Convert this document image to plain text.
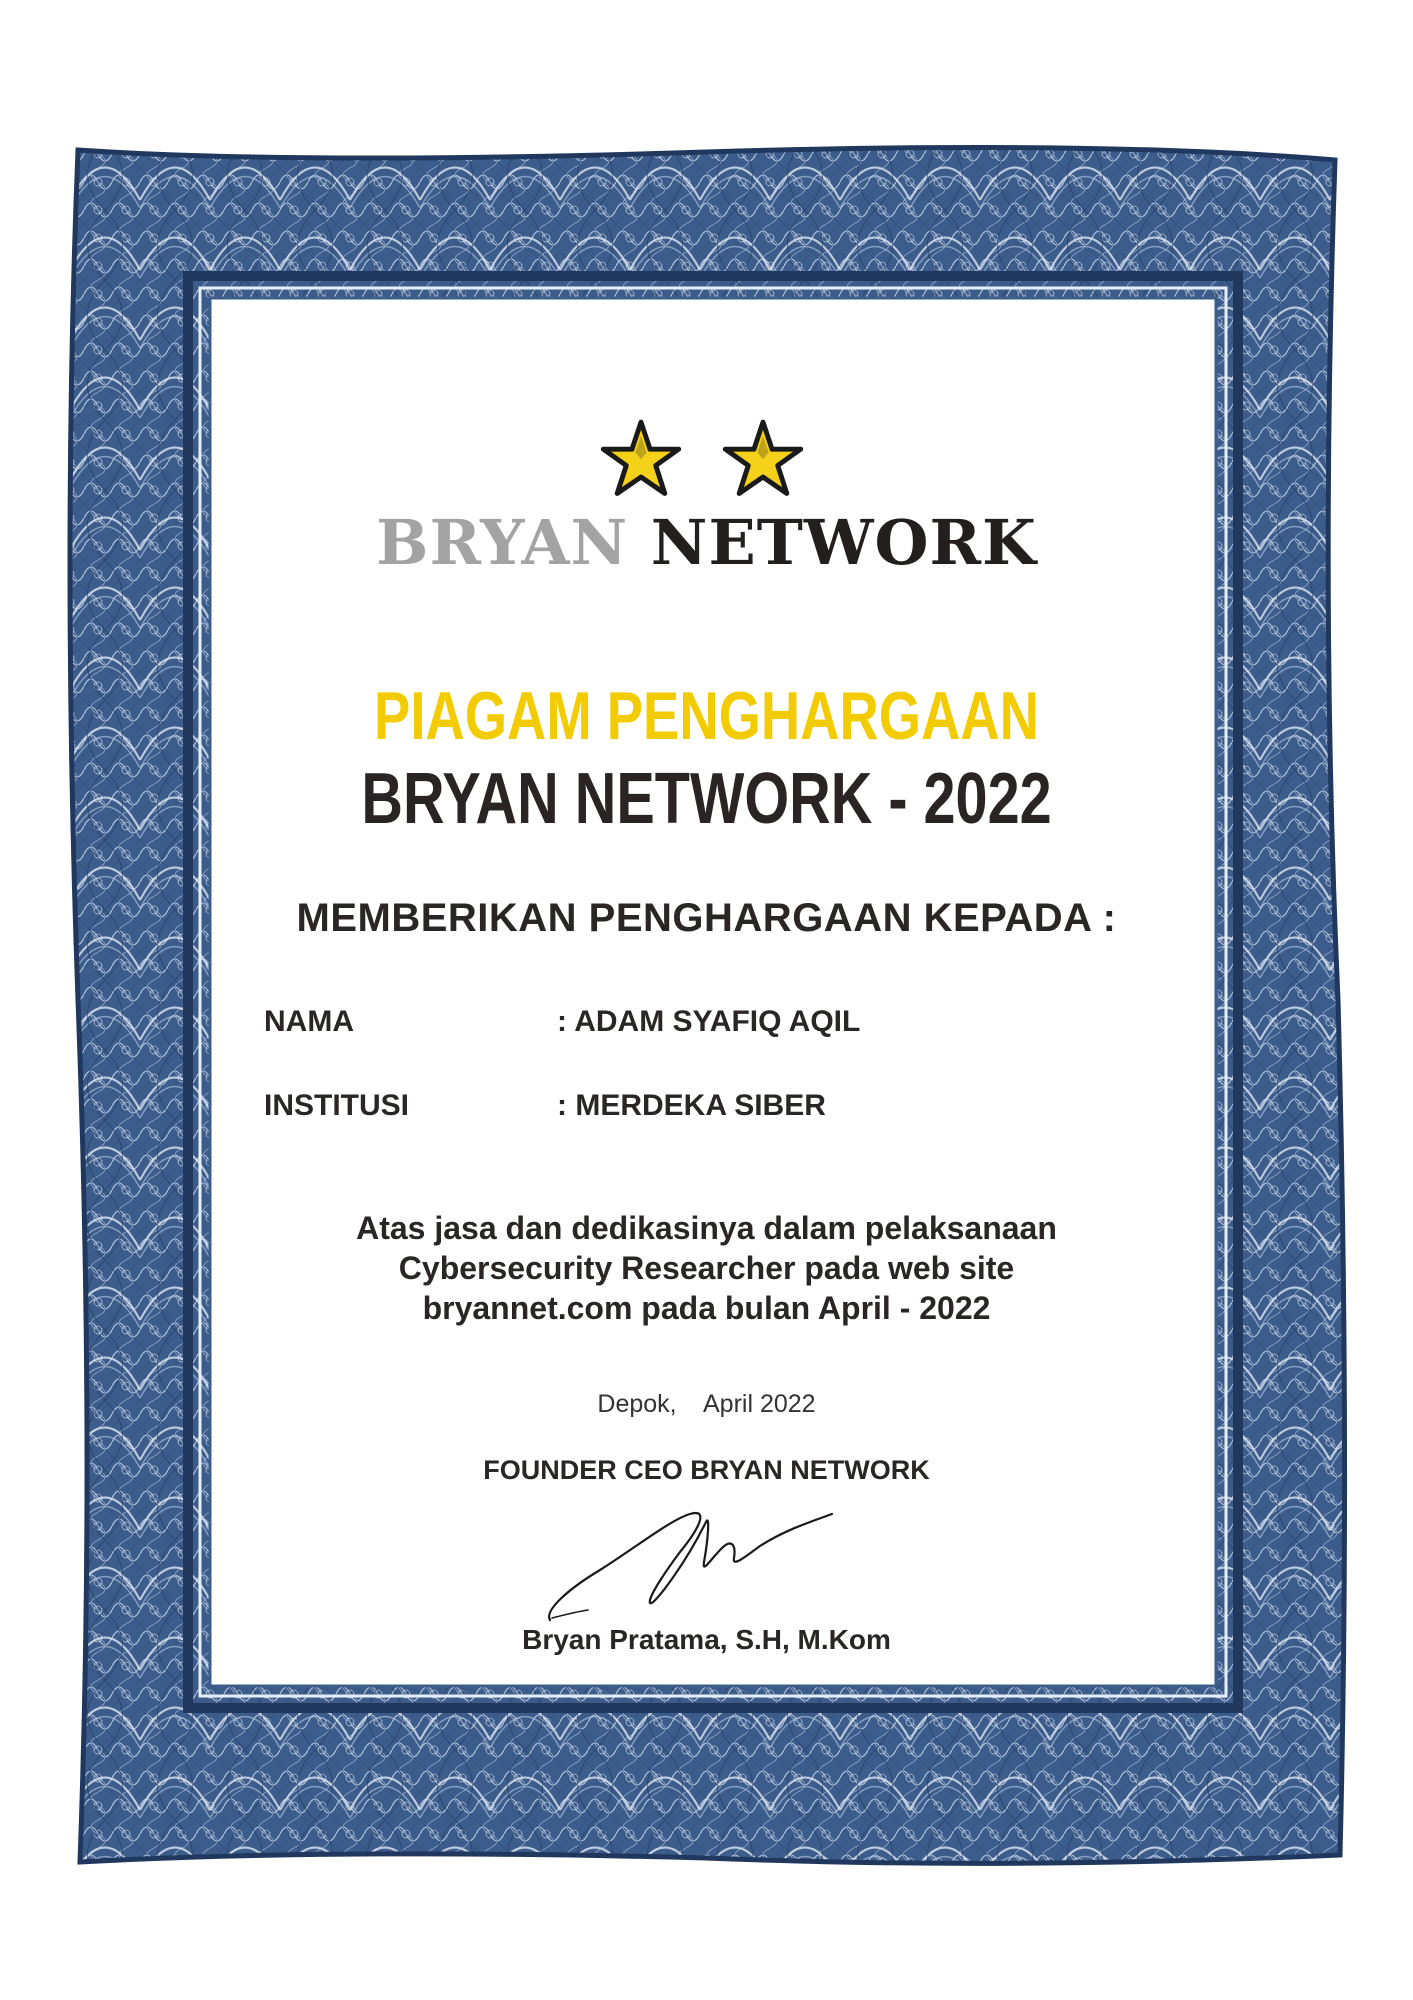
BRYAN NETWORK
PIAGAM PENGHARGAAN
BRYAN NETWORK - 2022
MEMBERIKAN PENGHARGAAN KEPADA :
NAMA	: ADAM SYAFIQ AQIL
INSTITUSI	: MERDEKA SIBER
Atas jasa dan dedikasinya dalam pelaksanaan
Cybersecurity Researcher pada web site
bryannet.com pada bulan April - 2022
Depok,    April 2022
FOUNDER CEO BRYAN NETWORK
Bryan Pratama, S.H, M.Kom
